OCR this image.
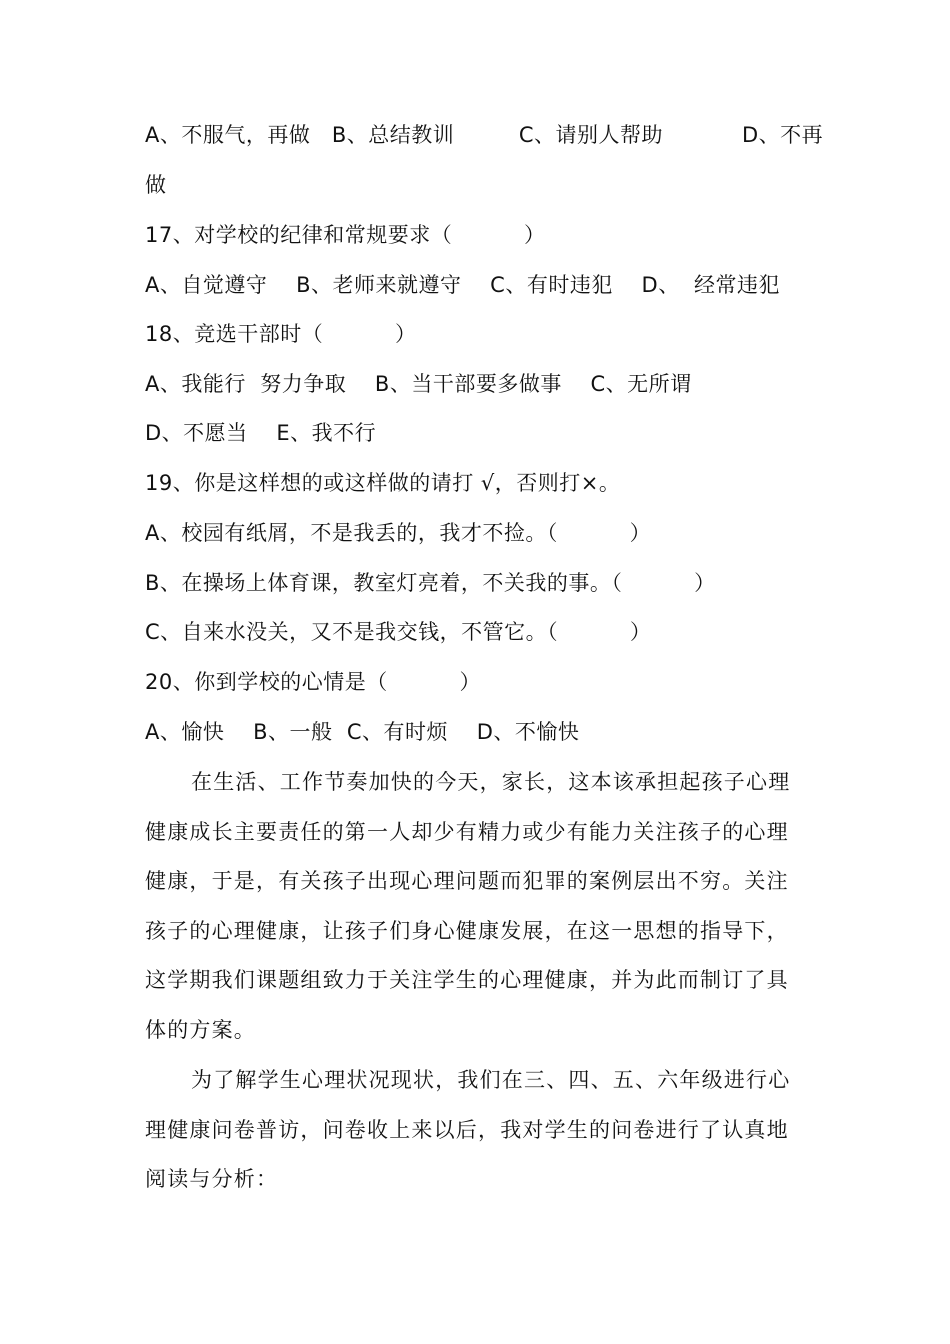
A、不服气，再做   B、总结教训         C、请别人帮助           D、不再
做
17、对学校的纪律和常规要求（          ）
A、自觉遵守    B、老师来就遵守    C、有时违犯    D、  经常违犯
18、竞选干部时（          ）
A、我能行  努力争取    B、当干部要多做事    C、无所谓
D、不愿当    E、我不行
19、你是这样想的或这样做的请打 √，否则打×。
A、校园有纸屑，不是我丢的，我才不捡。（          ）
B、在操场上体育课，教室灯亮着，不关我的事。（          ）
C、自来水没关，又不是我交钱，不管它。（          ）
20、你到学校的心情是（          ）
A、愉快    B、一般  C、有时烦    D、不愉快
在生活、工作节奏加快的今天，家长，这本该承担起孩子心理健康成长主要责任的第一人却少有精力或少有能力关注孩子的心理健康，于是，有关孩子出现心理问题而犯罪的案例层出不穷。关注孩子的心理健康，让孩子们身心健康发展，在这一思想的指导下，这学期我们课题组致力于关注学生的心理健康，并为此而制订了具体的方案。
为了解学生心理状况现状，我们在三、四、五、六年级进行心理健康问卷普访，问卷收上来以后，我对学生的问卷进行了认真地阅读与分析：
